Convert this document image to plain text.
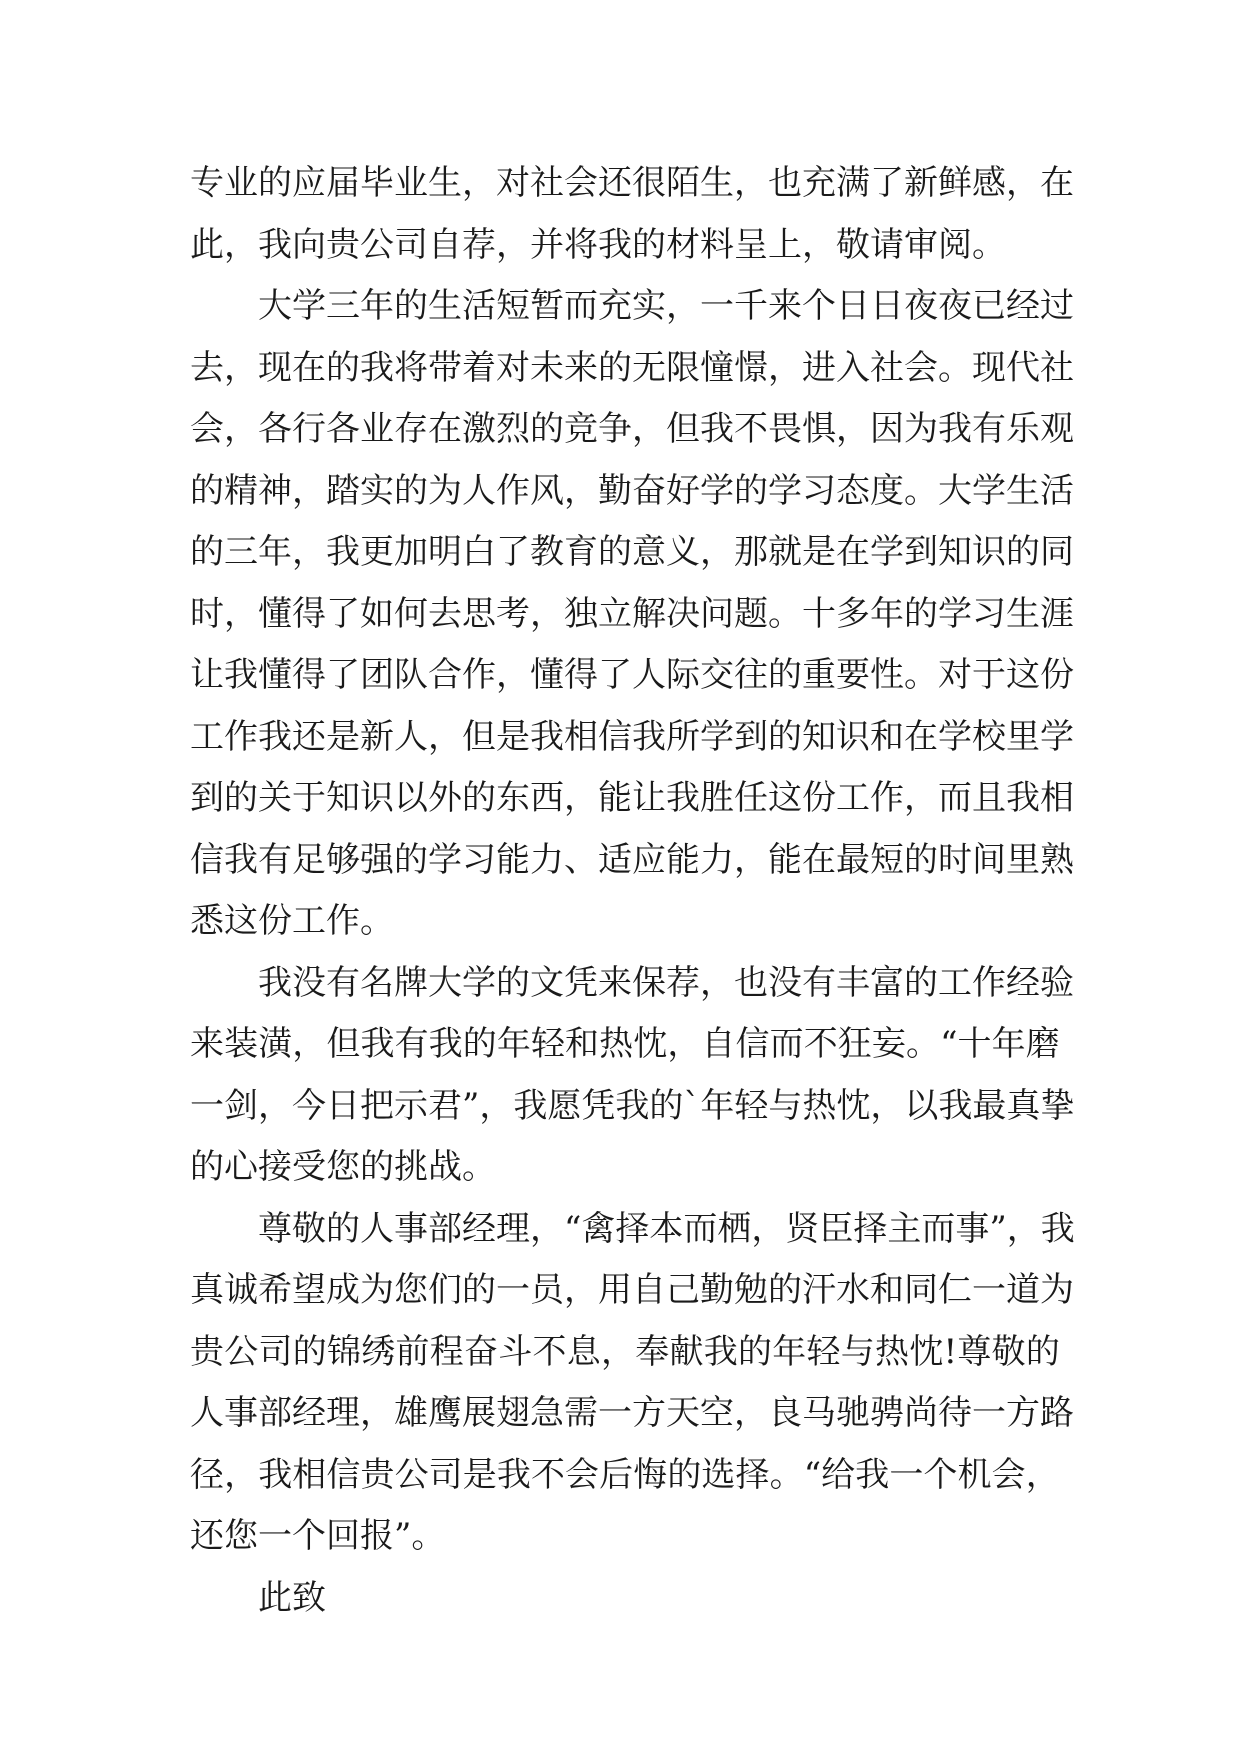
专 业 的 应 届 毕 业 生 ， 对 社 会 还 很 陌 生 ， 也 充 满 了 新 鲜 感 ， 在
此，我向贵公司自荐，并将我的材料呈上，敬请审阅。
大 学 三 年 的 生 活 短 暂 而 充 实 ， 一 千 来 个 日 日 夜 夜 已 经 过
去 ， 现 在 的 我 将 带 着 对 未 来 的 无 限 憧 憬 ， 进 入 社 会 。 现 代 社
会 ， 各 行 各 业 存 在 激 烈 的 竞 争 ， 但 我 不 畏 惧 ， 因 为 我 有 乐 观
的 精 神 ， 踏 实 的 为 人 作 风 ， 勤 奋 好 学 的 学 习 态 度 。 大 学 生 活
的 三 年 ， 我 更 加 明 白 了 教 育 的 意 义 ， 那 就 是 在 学 到 知 识 的 同
时 ， 懂 得 了 如 何 去 思 考 ， 独 立 解 决 问 题 。 十 多 年 的 学 习 生 涯
让 我 懂 得 了 团 队 合 作 ， 懂 得 了 人 际 交 往 的 重 要 性 。 对 于 这 份
工 作 我 还 是 新 人 ， 但 是 我 相 信 我 所 学 到 的 知 识 和 在 学 校 里 学
到 的 关 于 知 识 以 外 的 东 西 ， 能 让 我 胜 任 这 份 工 作 ， 而 且 我 相
信 我 有 足 够 强 的 学 习 能 力 、 适 应 能 力 ， 能 在 最 短 的 时 间 里 熟
悉这份工作。
我 没 有 名 牌 大 学 的 文 凭 来 保 荐 ， 也 没 有 丰 富 的 工 作 经 验
来 装 潢 ， 但 我 有 我 的 年 轻 和 热 忱 ， 自 信 而 不 狂 妄 。 “ 十 年 磨
一 剑 ， 今 日 把 示 君 ” ， 我 愿 凭 我 的 ` 年 轻 与 热 忱 ， 以 我 最 真 挚
的心接受您的挑战。
尊 敬 的 人 事 部 经 理 ， “ 禽 择 本 而 栖 ， 贤 臣 择 主 而 事 ” ， 我
真 诚 希 望 成 为 您 们 的 一 员 ， 用 自 己 勤 勉 的 汗 水 和 同 仁 一 道 为
贵 公 司 的 锦 绣 前 程 奋 斗 不 息 ， 奉 献 我 的 年 轻 与 热 忱 ! 尊 敬 的
人 事 部 经 理 ， 雄 鹰 展 翅 急 需 一 方 天 空 ， 良 马 驰 骋 尚 待 一 方 路
径 ， 我 相 信 贵 公 司 是 我 不 会 后 悔 的 选 择 。 “ 给 我 一 个 机 会 ，
还您一个回报”。
此致
